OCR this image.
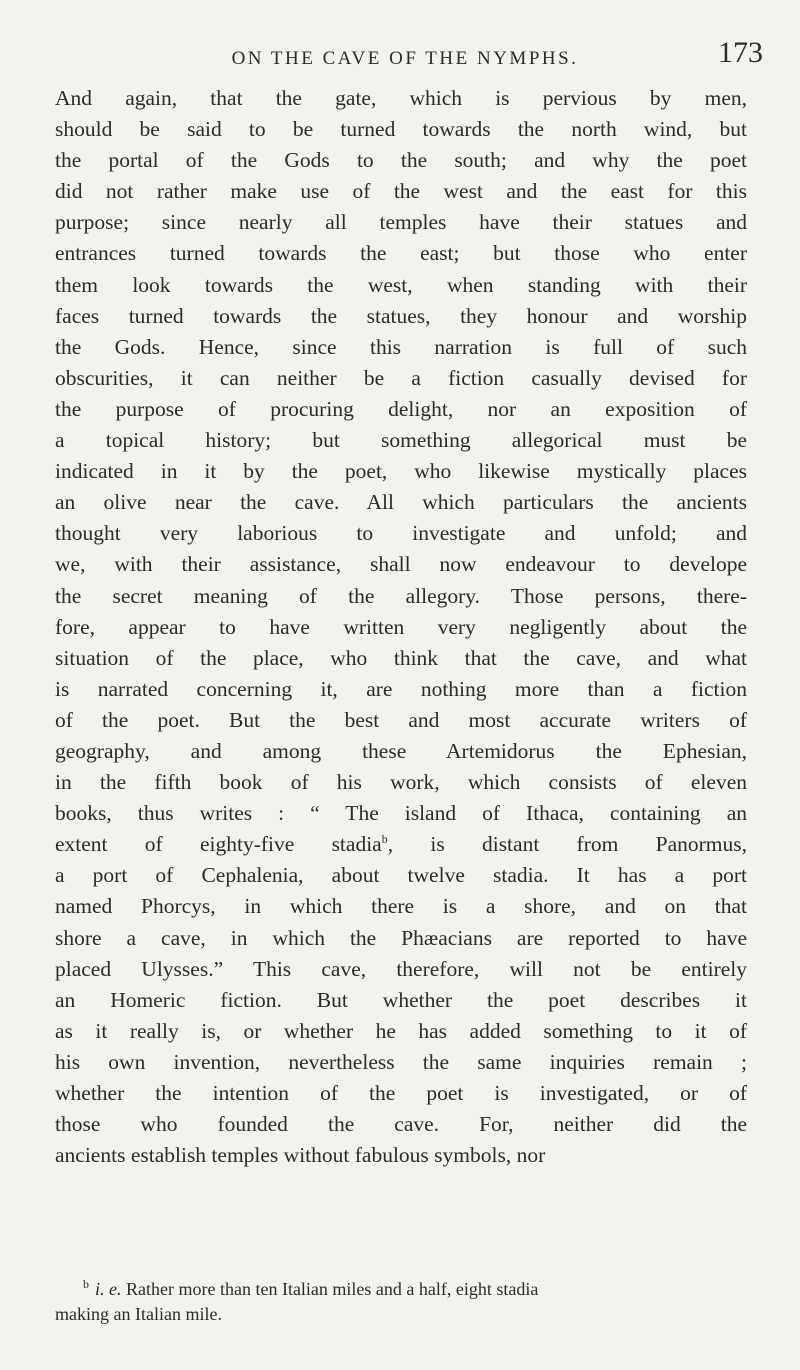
ON THE CAVE OF THE NYMPHS.	173
And again, that the gate, which is pervious by men,
should be said to be turned towards the north wind, but
the portal of the Gods to the south; and why the poet
did not rather make use of the west and the east for this
purpose; since nearly all temples have their statues and
entrances turned towards the east; but those who enter
them look towards the west, when standing with their
faces turned towards the statues, they honour and worship
the Gods. Hence, since this narration is full of such
obscurities, it can neither be a fiction casually devised for
the purpose of procuring delight, nor an exposition of
a topical history; but something allegorical must be
indicated in it by the poet, who likewise mystically places
an olive near the cave. All which particulars the ancients
thought very laborious to investigate and unfold; and
we, with their assistance, shall now endeavour to develope
the secret meaning of the allegory. Those persons, there-
fore, appear to have written very negligently about the
situation of the place, who think that the cave, and what
is narrated concerning it, are nothing more than a fiction
of the poet. But the best and most accurate writers of
geography, and among these Artemidorus the Ephesian,
in the fifth book of his work, which consists of eleven
books, thus writes : “ The island of Ithaca, containing an
extent of eighty-five stadia$^b$, is distant from Panormus,
a port of Cephalenia, about twelve stadia. It has a port
named Phorcys, in which there is a shore, and on that
shore a cave, in which the Phæacians are reported to have
placed Ulysses.” This cave, therefore, will not be entirely
an Homeric fiction. But whether the poet describes it
as it really is, or whether he has added something to it of
his own invention, nevertheless the same inquiries remain ;
whether the intention of the poet is investigated, or of
those who founded the cave. For, neither did the
ancients establish temples without fabulous symbols, nor
$^b$ i. e. Rather more than ten Italian miles and a half, eight stadia
making an Italian mile.
